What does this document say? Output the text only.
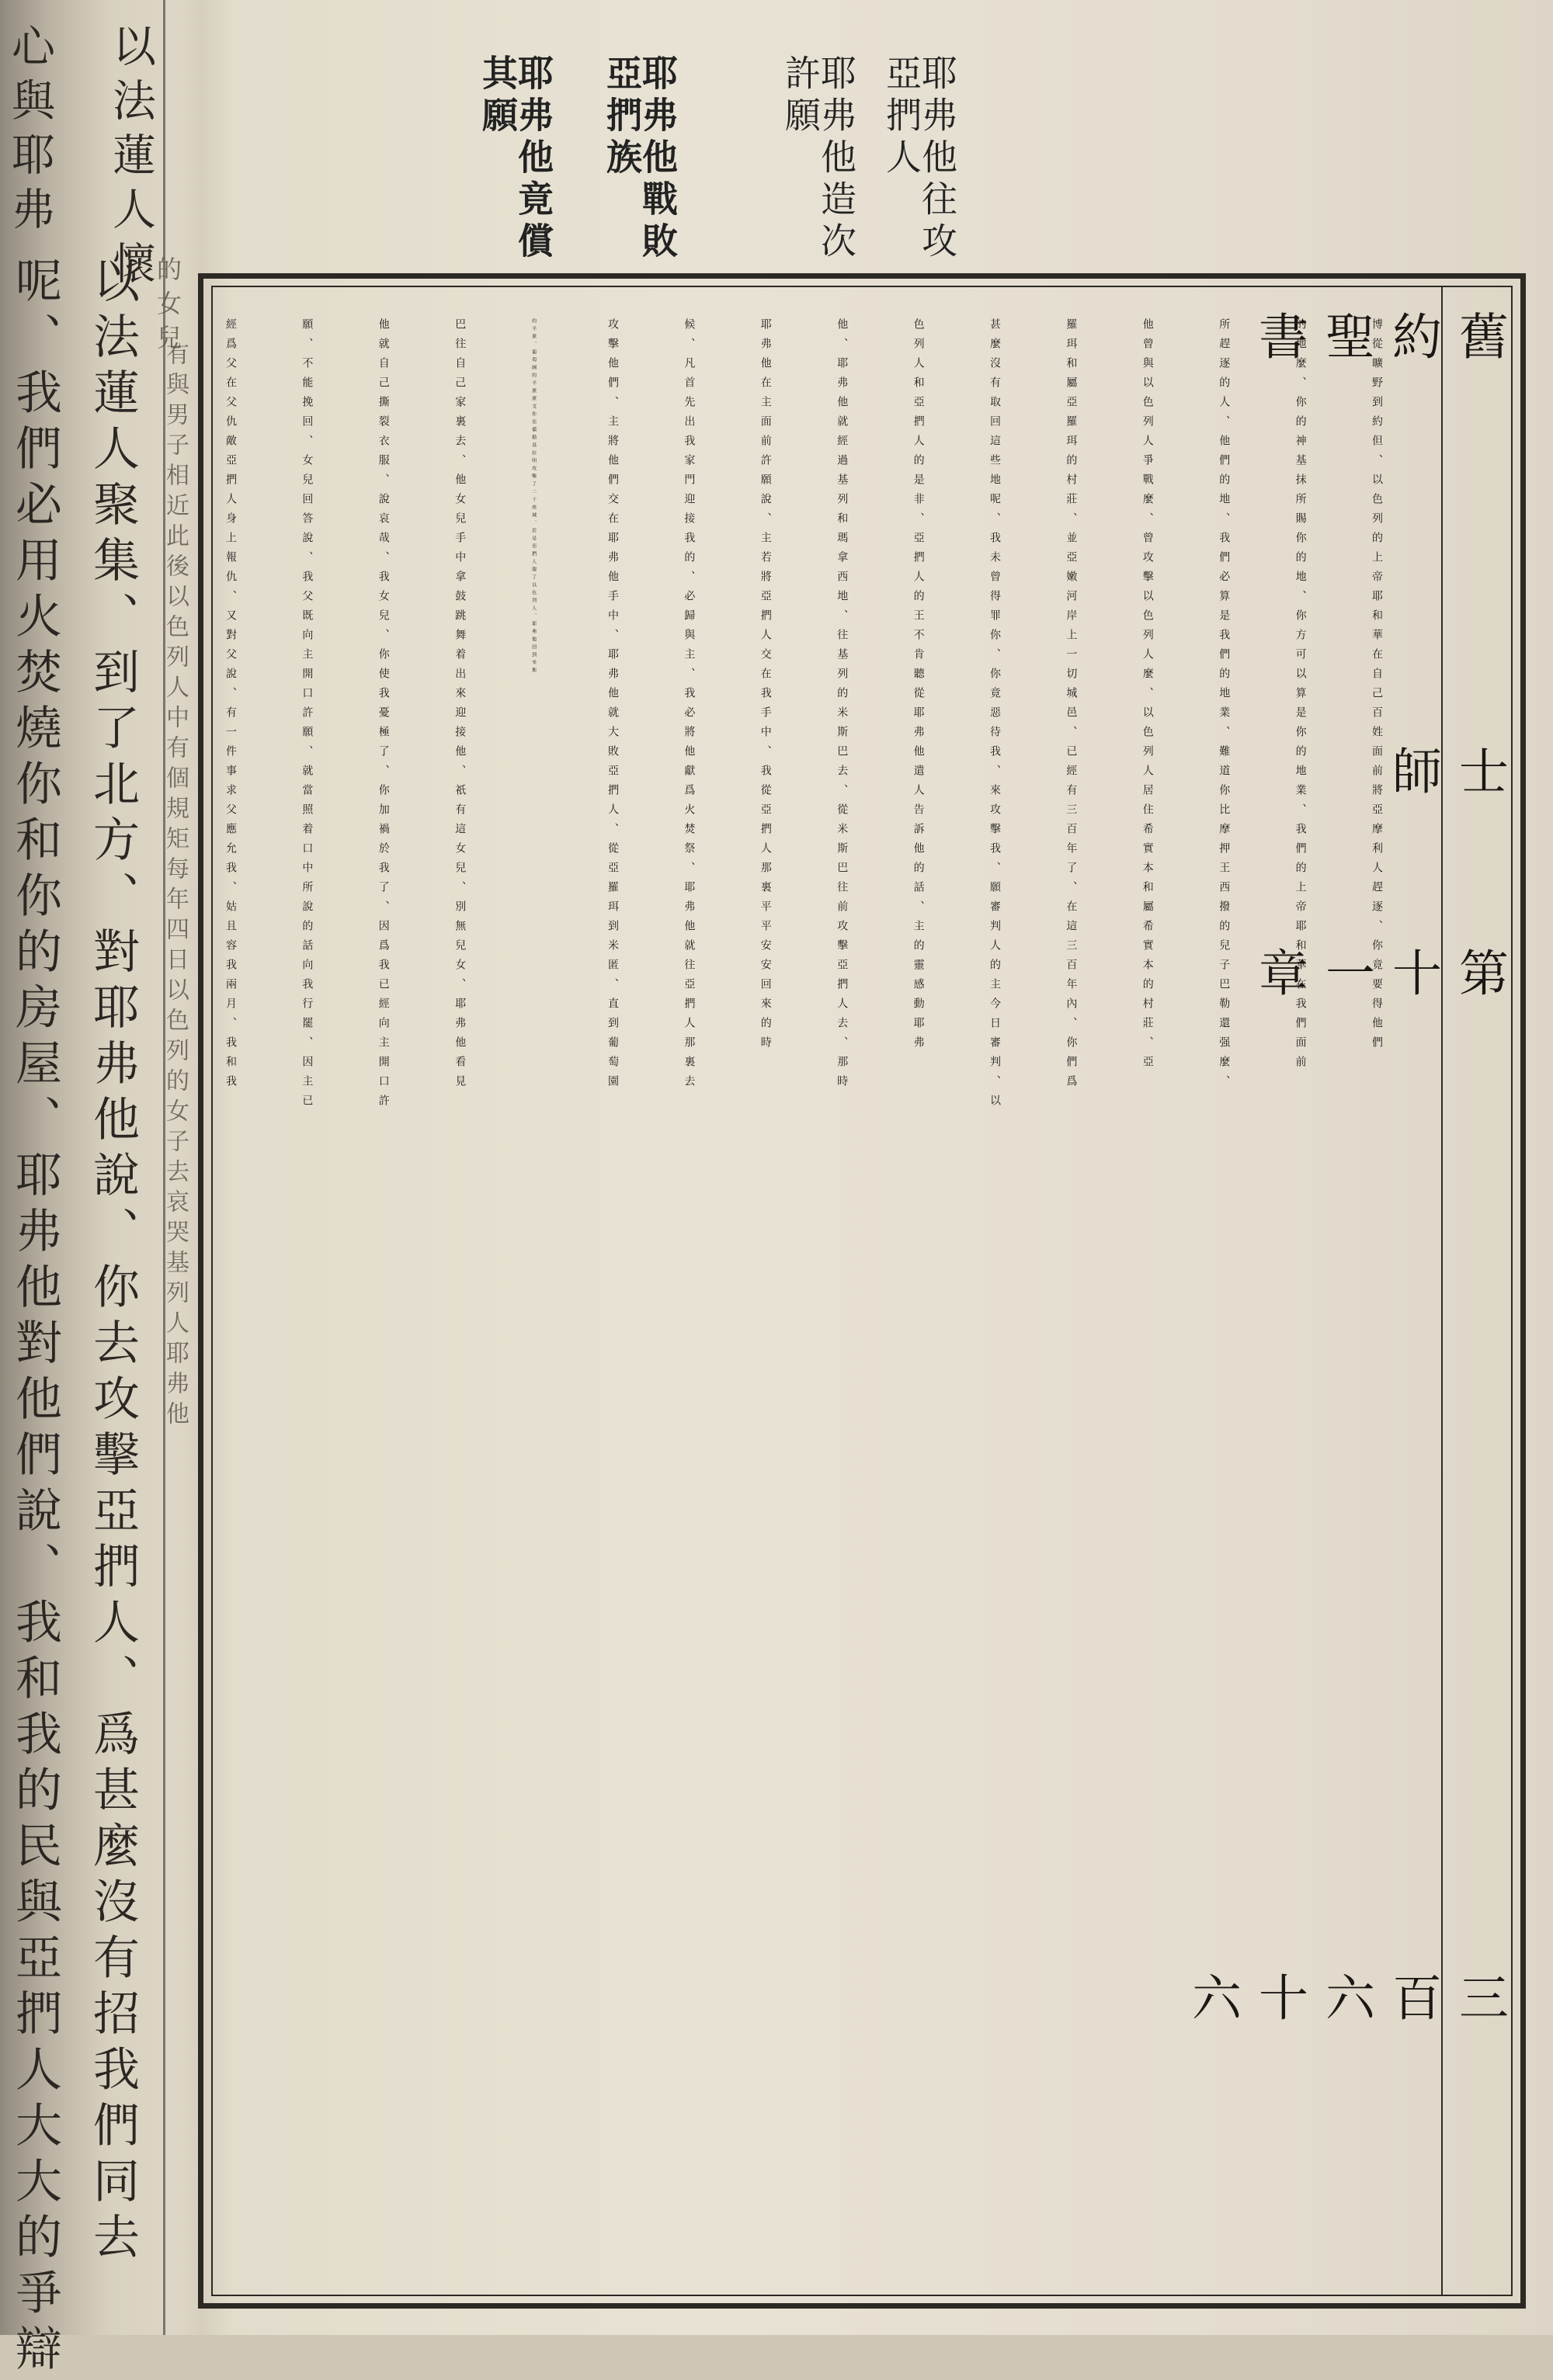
以法蓮人懷
心與耶弗
以法蓮人聚集、到了北方、對耶弗他說、你去攻擊亞捫人、爲甚麼沒有招我們同去
呢、我們必用火焚燒你和你的房屋、耶弗他對他們說、我和我的民與亞捫人大大的爭辯	的女兒
有與男子相近此後以色列人中有個規矩每年四日以色列的女子去哀哭基列人耶弗他
耶弗他往攻亞捫人
耶弗他造次許願
耶弗他戰敗亞捫族
耶弗他竟償其願
舊約聖書
士師
第十一章
三百六十六
博從曠野到約但、以色列的上帝耶和華在自己百姓面前將亞摩利人趕逐、你竟要得他們
的地麼、你的神基抹所賜你的地、你方可以算是你的地業、我們的上帝耶和華在我們面前
所趕逐的人、他們的地、我們必算是我們的地業、難道你比摩押王西撥的兒子巴勒還强麼、
他曾與以色列人爭戰麼、曾攻擊以色列人麼、以色列人居住希實本和屬希實本的村莊、亞
羅珥和屬亞羅珥的村莊、並亞嫩河岸上一切城邑、已經有三百年了、在這三百年內、你們爲
甚麼沒有取回這些地呢、我未曾得罪你、你竟惡待我、來攻擊我、願審判人的主今日審判、以
色列人和亞捫人的是非、亞捫人的王不肯聽從耶弗他遣人告訴他的話、主的靈感動耶弗
他、耶弗他就經過基列和瑪拿西地、往基列的米斯巴去、從米斯巴往前攻擊亞捫人去、那時
耶弗他在主面前許願說、主若將亞捫人交在我手中、我從亞捫人那裏平平安安回來的時
候、凡首先出我家門迎接我的、必歸與主、我必將他獻爲火焚祭、耶弗他就往亞捫人那裏去
攻擊他們、主將他們交在耶弗他手中、耶弗他就大敗亞捫人、從亞羅珥到米匿、直到葡萄園
的平原、葡萄園的平原原文作亞備勒基拉明攻擊了二十座城、於是亞捫人服了以色列人、耶弗他回到米斯
巴往自己家裏去、他女兒手中拿鼓跳舞着出來迎接他、祇有這女兒、別無兒女、耶弗他看見
他就自己撕裂衣服、說哀哉、我女兒、你使我憂極了、你加禍於我了、因爲我已經向主開口許
願、不能挽回、女兒回答說、我父既向主開口許願、就當照着口中所說的話向我行罷、因主已
經爲父在父仇敵亞捫人身上報仇、又對父說、有一件事求父應允我、姑且容我兩月、我和我
